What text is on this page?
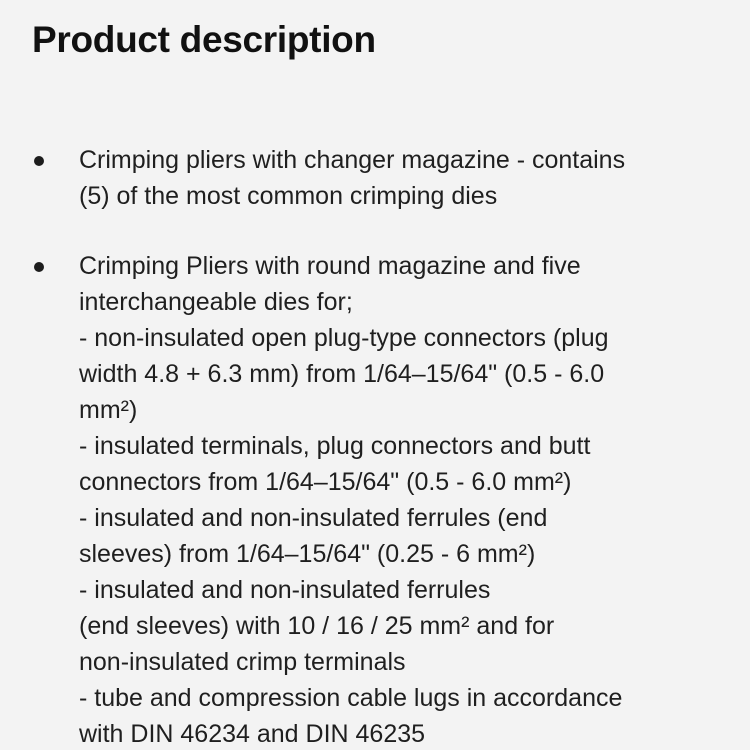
Product description
Crimping pliers with changer magazine - contains
(5) of the most common crimping dies
Crimping Pliers with round magazine and five
interchangeable dies for;
- non-insulated open plug-type connectors (plug
width 4.8 + 6.3 mm) from 1/64–15/64" (0.5 - 6.0
mm²)
- insulated terminals, plug connectors and butt
connectors from 1/64–15/64" (0.5 - 6.0 mm²)
- insulated and non-insulated ferrules (end
sleeves) from 1/64–15/64" (0.25 - 6 mm²)
- insulated and non-insulated ferrules
(end sleeves) with 10 / 16 / 25 mm² and for
non-insulated crimp terminals
- tube and compression cable lugs in accordance
with DIN 46234 and DIN 46235
